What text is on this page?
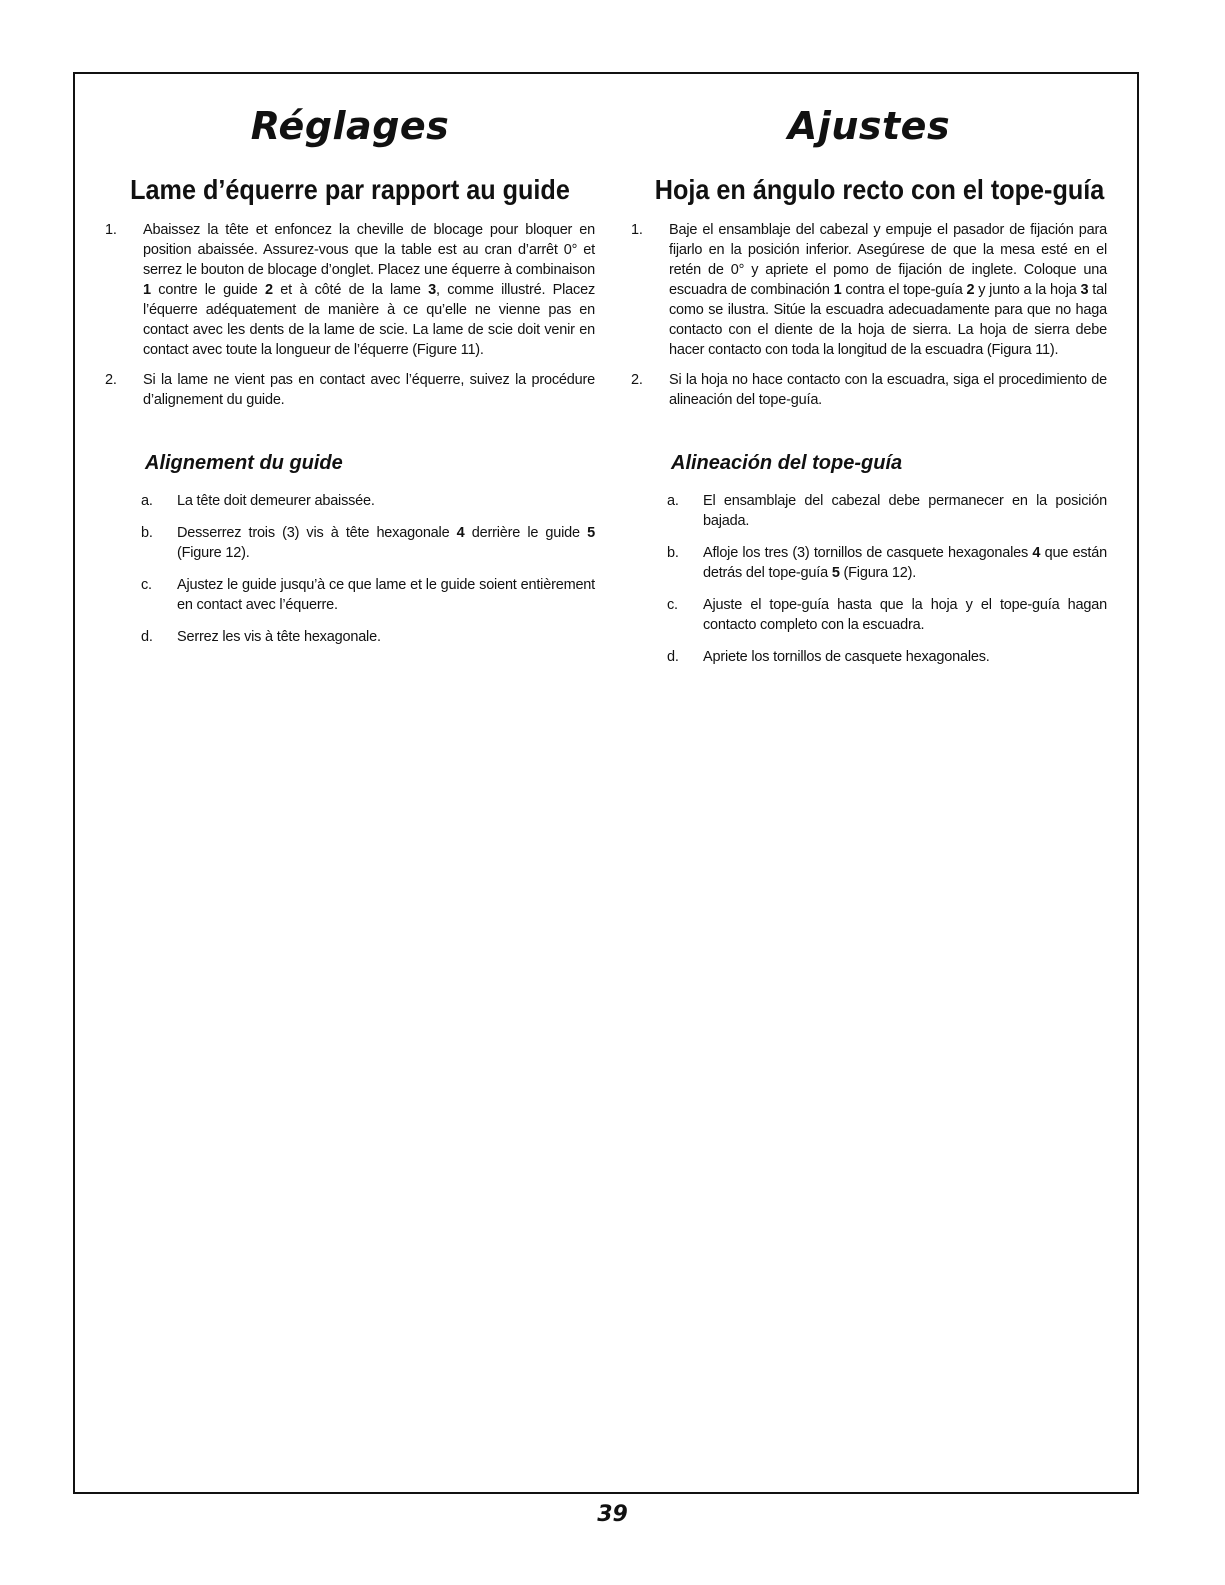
Réglages
Lame d’équerre par rapport au guide
1. Abaissez la tête et enfoncez la cheville de blocage pour bloquer en position abaissée. Assurez-vous que la table est au cran d’arrêt 0° et serrez le bouton de blocage d’onglet. Placez une équerre à combinaison 1 contre le guide 2 et à côté de la lame 3, comme illustré. Placez l’équerre adéquatement de manière à ce qu’elle ne vienne pas en contact avec les dents de la lame de scie. La lame de scie doit venir en contact avec toute la longueur de l’équerre (Figure 11).
2. Si la lame ne vient pas en contact avec l’équerre, suivez la procédure d’alignement du guide.
Alignement du guide
a. La tête doit demeurer abaissée.
b. Desserrez trois (3) vis à tête hexagonale 4 derrière le guide 5 (Figure 12).
c. Ajustez le guide jusqu’à ce que lame et le guide soient entièrement en contact avec l’équerre.
d. Serrez les vis à tête hexagonale.
Ajustes
Hoja en ángulo recto con el tope-guía
1. Baje el ensamblaje del cabezal y empuje el pasador de fijación para fijarlo en la posición inferior. Asegúrese de que la mesa esté en el retén de 0° y apriete el pomo de fijación de inglete. Coloque una escuadra de combinación 1 contra el tope-guía 2 y junto a la hoja 3 tal como se ilustra. Sitúe la escuadra adecuadamente para que no haga contacto con el diente de la hoja de sierra. La hoja de sierra debe hacer contacto con toda la longitud de la escuadra (Figura 11).
2. Si la hoja no hace contacto con la escuadra, siga el procedimiento de alineación del tope-guía.
Alineación del tope-guía
a. El ensamblaje del cabezal debe permanecer en la posición bajada.
b. Afloje los tres (3) tornillos de casquete hexagonales 4 que están detrás del tope-guía 5 (Figura 12).
c. Ajuste el tope-guía hasta que la hoja y el tope-guía hagan contacto completo con la escuadra.
d. Apriete los tornillos de casquete hexagonales.
39
